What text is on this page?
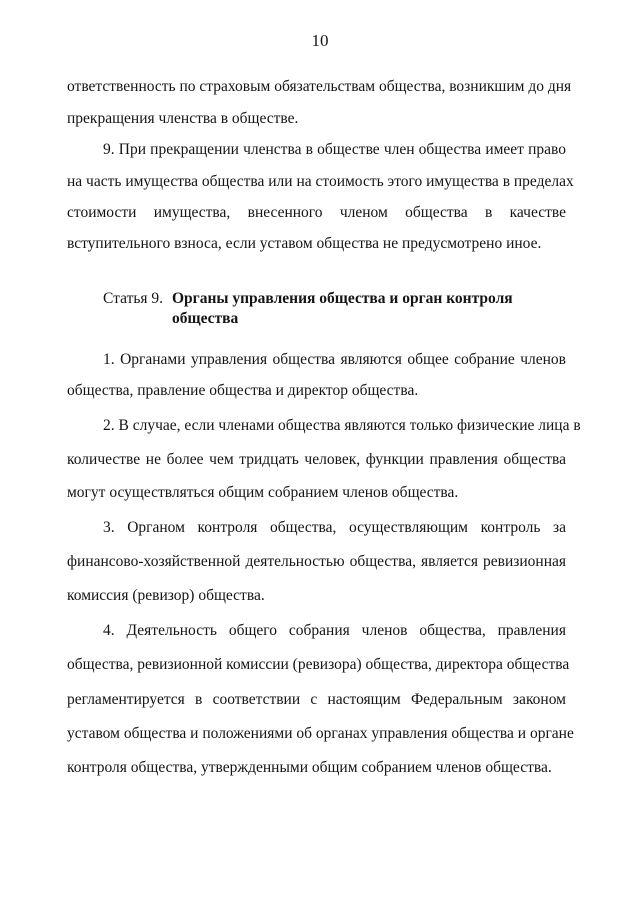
10
ответственность по страховым обязательствам общества, возникшим до дня
прекращения членства в обществе.
9. При прекращении членства в обществе член общества имеет право
на часть имущества общества или на стоимость этого имущества в пределах
стоимости имущества, внесенного членом общества в качестве
вступительного взноса, если уставом общества не предусмотрено иное.
Статья 9. Органы управления общества и орган контроля общества
1. Органами управления общества являются общее собрание членов
общества, правление общества и директор общества.
2. В случае, если членами общества являются только физические лица в
количестве не более чем тридцать человек, функции правления общества
могут осуществляться общим собранием членов общества.
3. Органом контроля общества, осуществляющим контроль за
финансово-хозяйственной деятельностью общества, является ревизионная
комиссия (ревизор) общества.
4. Деятельность общего собрания членов общества, правления
общества, ревизионной комиссии (ревизора) общества, директора общества
регламентируется в соответствии с настоящим Федеральным законом
уставом общества и положениями об органах управления общества и органе
контроля общества, утвержденными общим собранием членов общества.
